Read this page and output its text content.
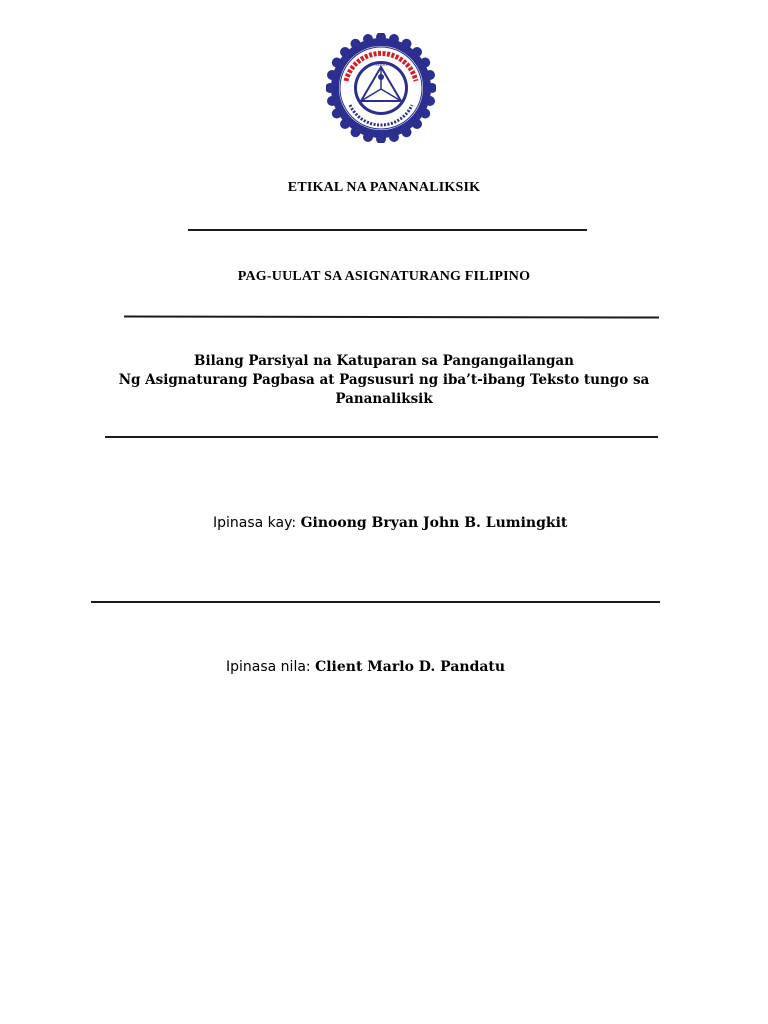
HEART
ETIKAL NA PANANALIKSIK
PAG-UULAT SA ASIGNATURANG FILIPINO
Bilang Parsiyal na Katuparan sa Pangangailangan
Ng Asignaturang Pagbasa at Pagsusuri ng iba’t-ibang Teksto tungo sa
Pananaliksik
Ipinasa kay: Ginoong Bryan John B. Lumingkit
Ipinasa nila: Client Marlo D. Pandatu
